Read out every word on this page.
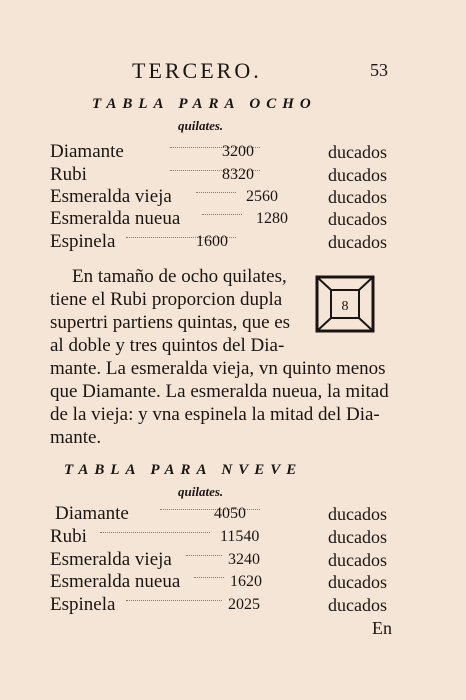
TERCERO.	53
TABLA PARA OCHO
quilates.
Diamante	3200	ducados
Rubi	8320	ducados
Esmeralda vieja	2560	ducados
Esmeralda nueua	1280 ducados
Espinela	1600	ducados
En tamaño de ocho quilates,
tiene el Rubi proporcion dupla
supertri partiens quintas, que es
al doble y tres quintos del Dia-
mante. La esmeralda vieja, vn quinto menos
que Diamante. La esmeralda nueua, la mitad
de la vieja: y vna espinela la mitad del Dia-
mante.
8
TABLA PARA NVEVE
quilates.
Diamante	4050	ducados
Rubi	11540	ducados
Esmeralda vieja	3240	ducados
Esmeralda nueua	1620	ducados
Espinela	2025	ducados
En
